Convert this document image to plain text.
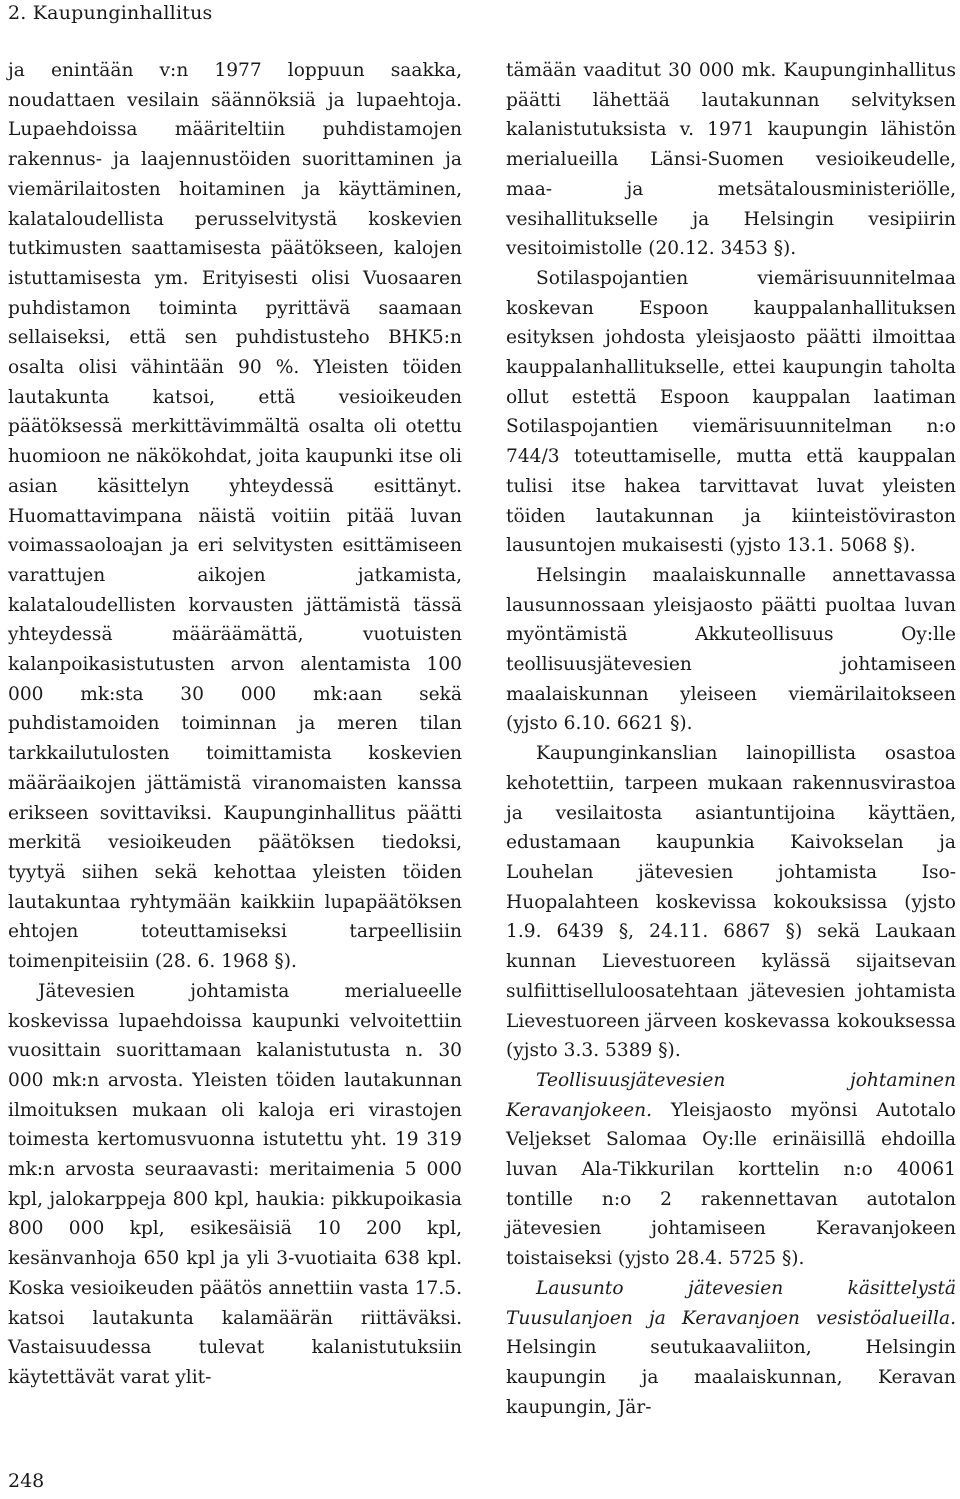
2. Kaupunginhallitus

ja enintään v:n 1977 loppuun saakka, noudattaen vesilain säännöksiä ja lupaehtoja. Lupaehdoissa määriteltiin puhdistamojen rakennus- ja laajennustöiden suorittaminen ja viemärilaitosten hoitaminen ja käyttäminen, kalataloudellista perusselvitystä koskevien tutkimusten saattamisesta päätökseen, kalojen istuttamisesta ym. Erityisesti olisi Vuosaaren puhdistamon toiminta pyrittävä saamaan sellaiseksi, että sen puhdistusteho BHK5:n osalta olisi vähintään 90 %. Yleisten töiden lautakunta katsoi, että vesioikeuden päätöksessä merkittävimmältä osalta oli otettu huomioon ne näkökohdat, joita kaupunki itse oli asian käsittelyn yhteydessä esittänyt. Huomattavimpana näistä voitiin pitää luvan voimassaoloajan ja eri selvitysten esittämiseen varattujen aikojen jatkamista, kalataloudellisten korvausten jättämistä tässä yhteydessä määräämättä, vuotuisten kalanpoikasistutusten arvon alentamista 100 000 mk:sta 30 000 mk:aan sekä puhdistamoiden toiminnan ja meren tilan tarkkailutulosten toimittamista koskevien määräaikojen jättämistä viranomaisten kanssa erikseen sovittaviksi. Kaupunginhallitus päätti merkitä vesioikeuden päätöksen tiedoksi, tyytyä siihen sekä kehottaa yleisten töiden lautakuntaa ryhtymään kaikkiin lupapäätöksen ehtojen toteuttamiseksi tarpeellisiin toimenpiteisiin (28. 6. 1968 §).

Jätevesien johtamista merialueelle koskevissa lupaehdoissa kaupunki velvoitettiin vuosittain suorittamaan kalanistutusta n. 30 000 mk:n arvosta. Yleisten töiden lautakunnan ilmoituksen mukaan oli kaloja eri virastojen toimesta kertomusvuonna istutettu yht. 19 319 mk:n arvosta seuraavasti: meritaimenia 5 000 kpl, jalokarppeja 800 kpl, haukia: pikkupoikasia 800 000 kpl, esikesäisiä 10 200 kpl, kesänvanhoja 650 kpl ja yli 3-vuotiaita 638 kpl. Koska vesioikeuden päätös annettiin vasta 17.5. katsoi lautakunta kalamäärän riittäväksi. Vastaisuudessa tulevat kalanistutuksiin käytettävät varat ylit-

tämään vaaditut 30 000 mk. Kaupunginhallitus päätti lähettää lautakunnan selvityksen kalanistutuksista v. 1971 kaupungin lähistön merialueilla Länsi-Suomen vesioikeudelle, maa- ja metsätalousministeriölle, vesihallitukselle ja Helsingin vesipiirin vesitoimistolle (20.12. 3453 §).

Sotilaspojantien viemärisuunnitelmaa koskevan Espoon kauppalanhallituksen esityksen johdosta yleisjaosto päätti ilmoittaa kauppalanhallitukselle, ettei kaupungin taholta ollut estettä Espoon kauppalan laatiman Sotilaspojantien viemärisuunnitelman n:o 744/3 toteuttamiselle, mutta että kauppalan tulisi itse hakea tarvittavat luvat yleisten töiden lautakunnan ja kiinteistöviraston lausuntojen mukaisesti (yjsto 13.1. 5068 §).

Helsingin maalaiskunnalle annettavassa lausunnossaan yleisjaosto päätti puoltaa luvan myöntämistä Akkuteollisuus Oy:lle teollisuusjätevesien johtamiseen maalaiskunnan yleiseen viemärilaitokseen (yjsto 6.10. 6621 §).

Kaupunginkanslian lainopillista osastoa kehotettiin, tarpeen mukaan rakennusvirastoa ja vesilaitosta asiantuntijoina käyttäen, edustamaan kaupunkia Kaivokselan ja Louhelan jätevesien johtamista Iso-Huopalahteen koskevissa kokouksissa (yjsto 1.9. 6439 §, 24.11. 6867 §) sekä Laukaan kunnan Lievestuoreen kylässä sijaitsevan sulfiittiselluloosatehtaan jätevesien johtamista Lievestuoreen järveen koskevassa kokouksessa (yjsto 3.3. 5389 §).

Teollisuusjätevesien johtaminen Keravanjokeen. Yleisjaosto myönsi Autotalo Veljekset Salomaa Oy:lle erinäisillä ehdoilla luvan Ala-Tikkurilan korttelin n:o 40061 tontille n:o 2 rakennettavan autotalon jätevesien johtamiseen Keravanjokeen toistaiseksi (yjsto 28.4. 5725 §).

Lausunto jätevesien käsittelystä Tuusulanjoen ja Keravanjoen vesistöalueilla. Helsingin seutukaavaliiton, Helsingin kaupungin ja maalaiskunnan, Keravan kaupungin, Jär-

248
